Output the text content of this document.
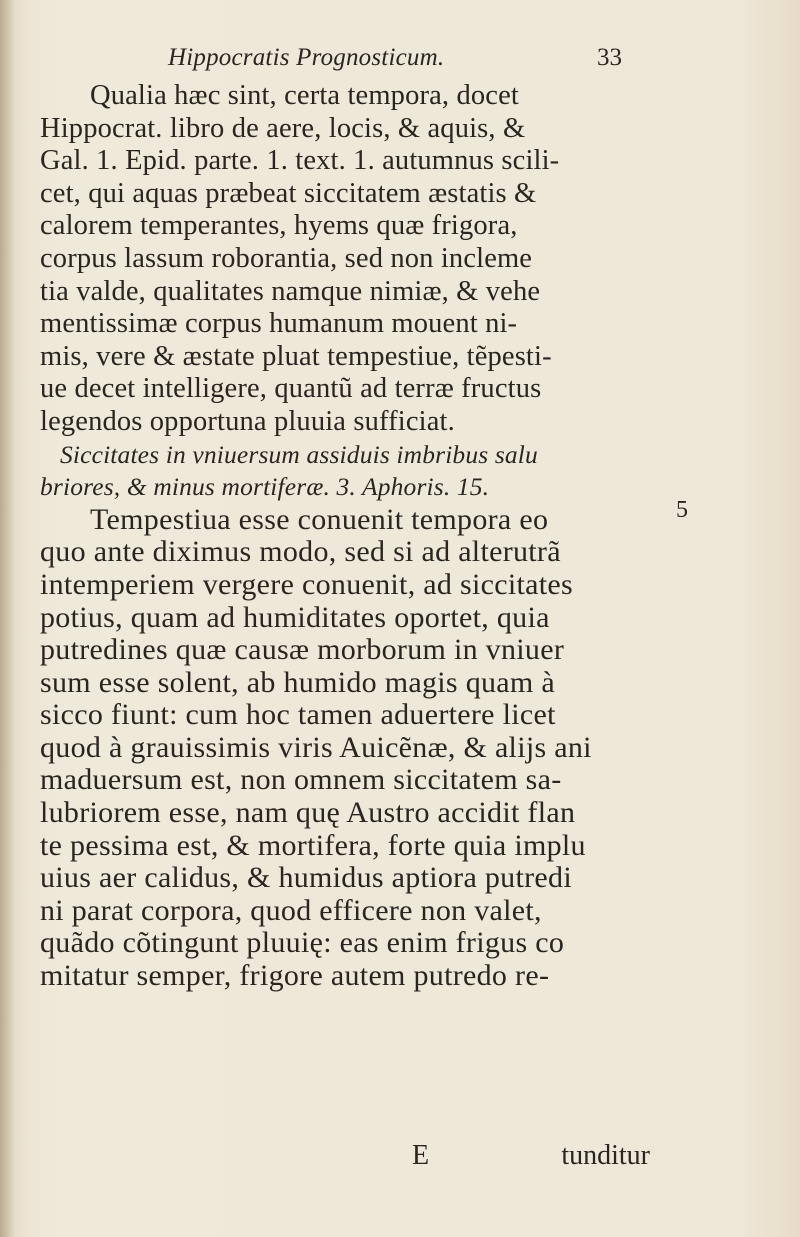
Hippocratis Prognosticum.	33
Qualia hæc sint, certa tempora, docet
Hippocrat. libro de aere, locis, & aquis, &
Gal. 1. Epid. parte. 1. text. 1. autumnus scili-
cet, qui aquas præbeat siccitatem æstatis &
calorem temperantes, hyems quæ frigora,
corpus lassum roborantia, sed non incleme
tia valde, qualitates namque nimiæ, & vehe
mentissimæ corpus humanum mouent ni-
mis, vere & æstate pluat tempestiue, tẽpesti-
ue decet intelligere, quantũ ad terræ fructus
legendos opportuna pluuia sufficiat.
Siccitates in vniuersum assiduis imbribus salu
briores, & minus mortiferæ. 3. Aphoris. 15.
Tempestiua esse conuenit tempora eo
quo ante diximus modo, sed si ad alterutrã
intemperiem vergere conuenit, ad siccitates
potius, quam ad humiditates oportet, quia
putredines quæ causæ morborum in vniuer
sum esse solent, ab humido magis quam à
sicco fiunt: cum hoc tamen aduertere licet
quod à grauissimis viris Auicẽnæ, & alijs ani
maduersum est, non omnem siccitatem sa-
lubriorem esse, nam quę Austro accidit flan
te pessima est, & mortifera, forte quia implu
uius aer calidus, & humidus aptiora putredi
ni parat corpora, quod efficere non valet,
quãdo cõtingunt pluuię: eas enim frigus co
mitatur semper, frigore autem putredo re-
5
E	tunditur
